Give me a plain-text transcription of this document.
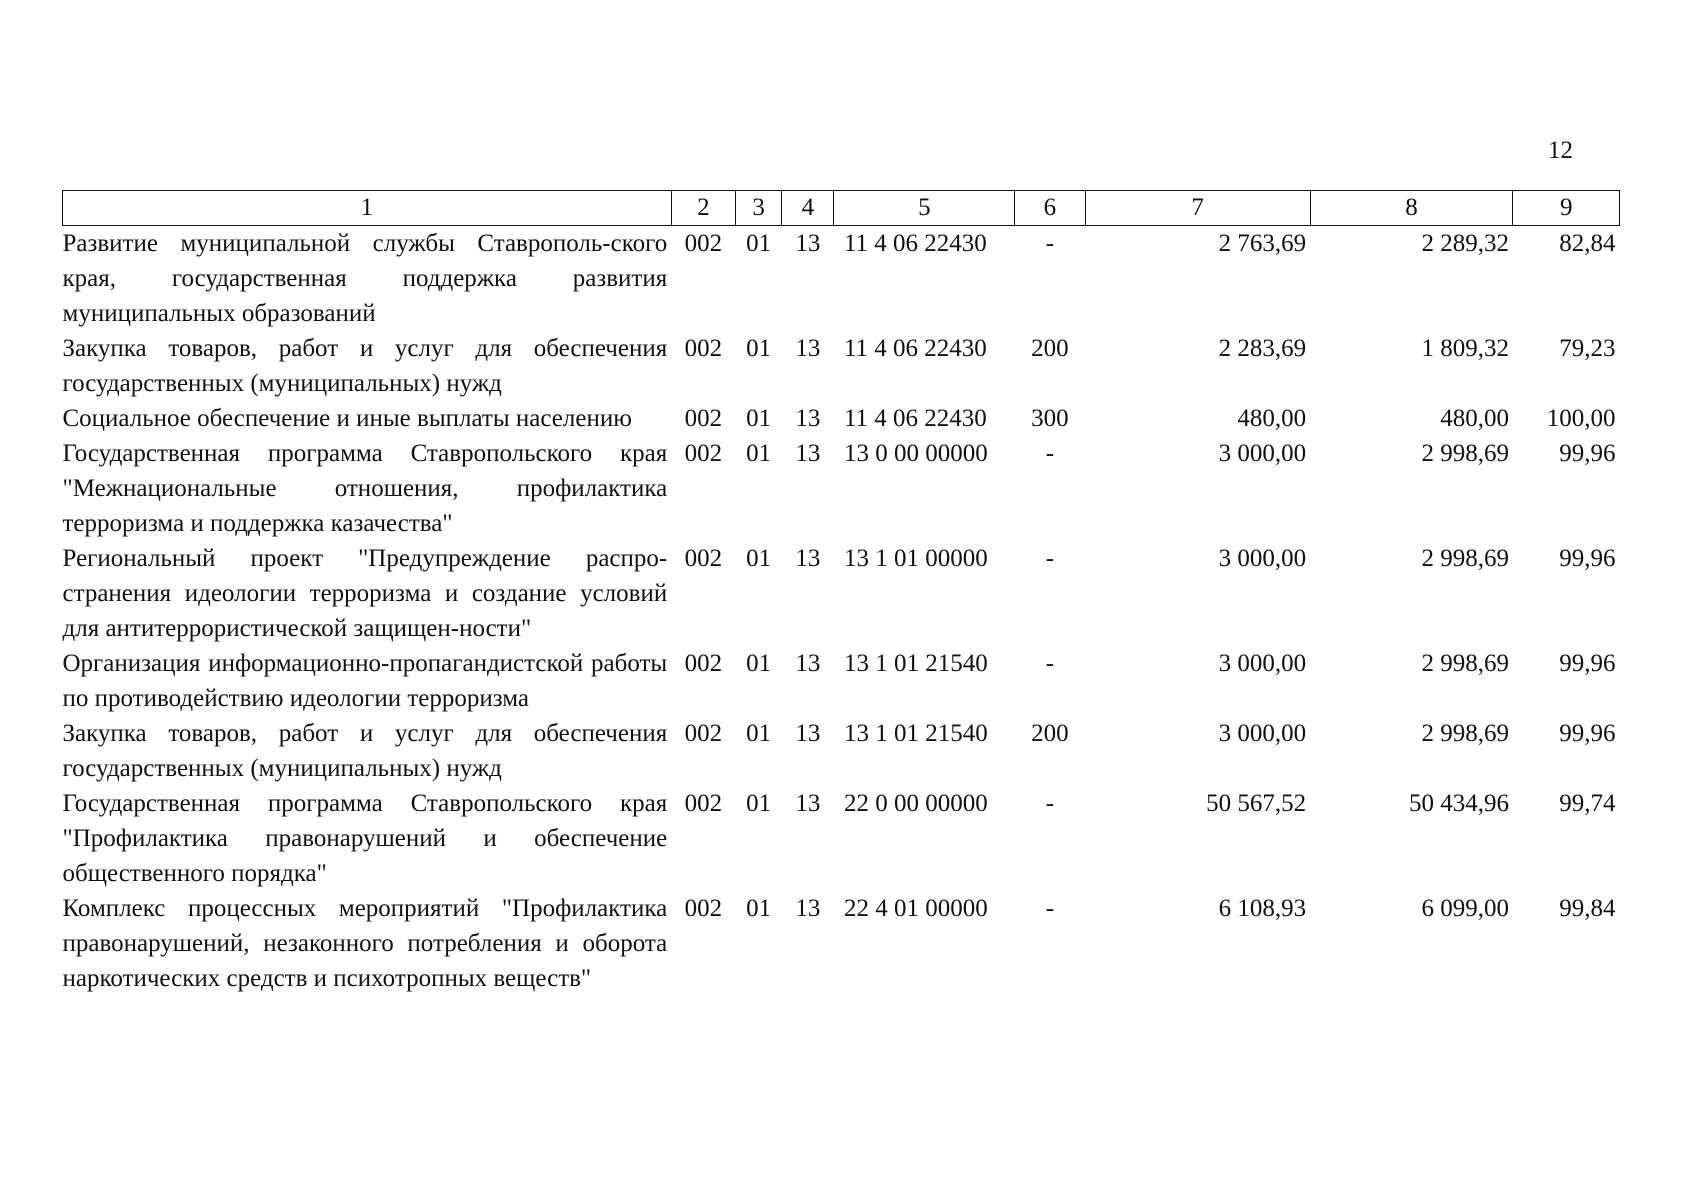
12
1	2	3	4	5	6	7	8	9
Развитие муниципальной службы Ставрополь-ского края, государственная поддержка развития муниципальных образований	002	01	13	11 4 06 22430	-	2 763,69	2 289,32	82,84
Закупка товаров, работ и услуг для обеспечения государственных (муниципальных) нужд	002	01	13	11 4 06 22430	200	2 283,69	1 809,32	79,23
Социальное обеспечение и иные выплаты населению	002	01	13	11 4 06 22430	300	480,00	480,00	100,00
Государственная программа Ставропольского края "Межнациональные отношения, профилактика терроризма и поддержка казачества"	002	01	13	13 0 00 00000	-	3 000,00	2 998,69	99,96
Региональный проект "Предупреждение распро-странения идеологии терроризма и создание условий для антитеррористической защищен-ности"	002	01	13	13 1 01 00000	-	3 000,00	2 998,69	99,96
Организация информационно-пропагандистской работы по противодействию идеологии терроризма	002	01	13	13 1 01 21540	-	3 000,00	2 998,69	99,96
Закупка товаров, работ и услуг для обеспечения государственных (муниципальных) нужд	002	01	13	13 1 01 21540	200	3 000,00	2 998,69	99,96
Государственная программа Ставропольского края "Профилактика правонарушений и обеспечение общественного порядка"	002	01	13	22 0 00 00000	-	50 567,52	50 434,96	99,74
Комплекс процессных мероприятий "Профилактика правонарушений, незаконного потребления и оборота наркотических средств и психотропных веществ"	002	01	13	22 4 01 00000	-	6 108,93	6 099,00	99,84
